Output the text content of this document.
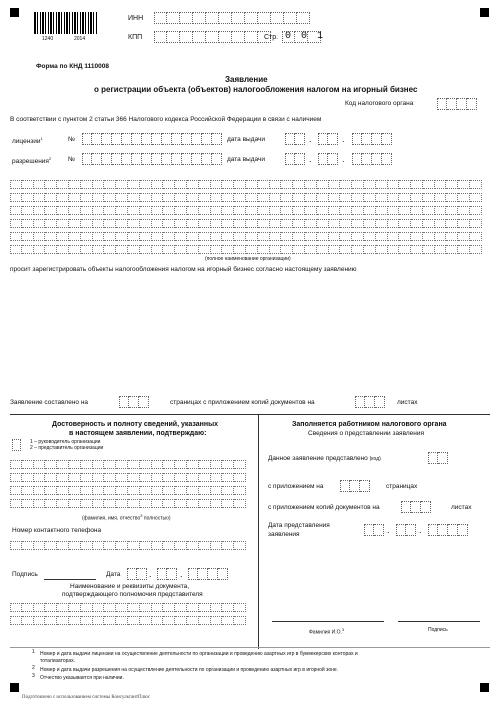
1240	2014
ИНН
КПП	Стр. 0 0 1
Форма по КНД 1110008
Заявление
о регистрации объекта (объектов) налогообложения налогом на игорный бизнес
Код налогового органа
В соответствии с пунктом 2 статьи 366 Налогового кодекса Российской Федерации в связи с наличием
лицензии$^1$	№	дата выдачи	.	.
разрешения$^2$	№	дата выдачи	.	.
(полное наименование организации)
просит зарегистрировать объекты налогообложения налогом на игорный бизнес согласно настоящему заявлению
Заявление составлено на	страницах с приложением копий документов на	листах
Достоверность и полноту сведений, указанных
в настоящем заявлении, подтверждаю:
1 – руководитель организации
2 – представитель организации
(фамилия, имя, отчество$^3$ полностью)
Номер контактного телефона
Подпись	Дата	.	.
Наименование и реквизиты документа,
подтверждающего полномочия представителя
Заполняется работником налогового органа
Сведения о представлении заявления
Данное заявление представлено (код)
с приложением на	страницах
с приложением копий документов на	листах
Дата представления
заявления	.	.
Фамилия И.О.$^3$	Подпись
1 Номер и дата выдачи лицензии на осуществление деятельности по организации и проведению азартных игр в букмекерских конторах и
тотализаторах.
2 Номер и дата выдачи разрешения на осуществление деятельности по организации и проведению азартных игр в игорной зоне.
3 Отчество указывается при наличии.
Подготовлено с использованием системы КонсультантПлюс
